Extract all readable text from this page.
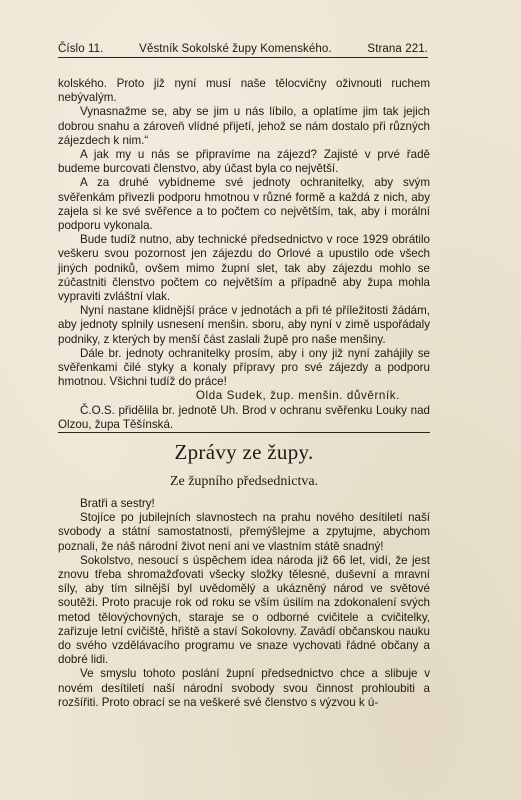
Číslo 11.	Věstník Sokolské župy Komenského.	Strana 221.

kolského. Proto již nyní musí naše tělocvičny oživnouti ruchem nebývalým.

Vynasnažme se, aby se jim u nás líbilo, a oplatíme jim tak jejich dobrou snahu a zároveň vlídné přijetí, jehož se nám dostalo při různých zájezdech k nim.“

A jak my u nás se připravíme na zájezd? Zajisté v prvé řadě budeme burcovati členstvo, aby účast byla co největší.

A za druhé vybídneme své jednoty ochranitelky, aby svým svěřenkám přivezli podporu hmotnou v různé formě a každá z nich, aby zajela si ke své svěřence a to počtem co největším, tak, aby i morální podporu vykonala.

Bude tudíž nutno, aby technické předsednictvo v roce 1929 obrátilo veškeru svou pozornost jen zájezdu do Orlové a upustilo ode všech jiných podniků, ovšem mimo župní slet, tak aby zájezdu mohlo se zúčastniti členstvo počtem co největším a případně aby župa mohla vypraviti zvláštní vlak.

Nyní nastane klidnější práce v jednotách a při té příležitosti žádám, aby jednoty splnily usnesení menšin. sboru, aby nyní v zimě uspořádaly podniky, z kterých by menší část zaslali župě pro naše menšiny.

Dále br. jednoty ochranitelky prosím, aby i ony již nyní zahájily se svěřenkami čilé styky a konaly přípravy pro své zájezdy a podporu hmotnou. Všichni tudíž do práce!

Olda Sudek, žup. menšin. důvěrník.

Č.O.S. přidělila br. jednotě Uh. Brod v ochranu svěřenku Louky nad Olzou, župa Těšínská.

Zprávy ze župy.
Ze župního předsednictva.

Bratři a sestry!

Stojíce po jubilejních slavnostech na prahu nového desítiletí naší svobody a státní samostatnosti, přemýšlejme a zpytujme, abychom poznali, že náš národní život není ani ve vlastním státě snadný!

Sokolstvo, nesoucí s úspěchem idea národa již 66 let, vidí, že jest znovu třeba shromažďovati všecky složky tělesné, duševní a mravní síly, aby tím silnější byl uvědomělý a ukázněný národ ve světové soutěži. Proto pracuje rok od roku se vším úsilím na zdokonalení svých metod tělovýchovných, staraje se o odborné cvičitele a cvičitelky, zařizuje letní cvičiště, hřiště a staví Sokolovny. Zavádí občanskou nauku do svého vzdělávacího programu ve snaze vychovati řádné občany a dobré lidi.

Ve smyslu tohoto poslání župní předsednictvo chce a slibuje v novém desítiletí naší národní svobody svou činnost prohloubiti a rozšířiti. Proto obrací se na veškeré své členstvo s výzvou k ú-
